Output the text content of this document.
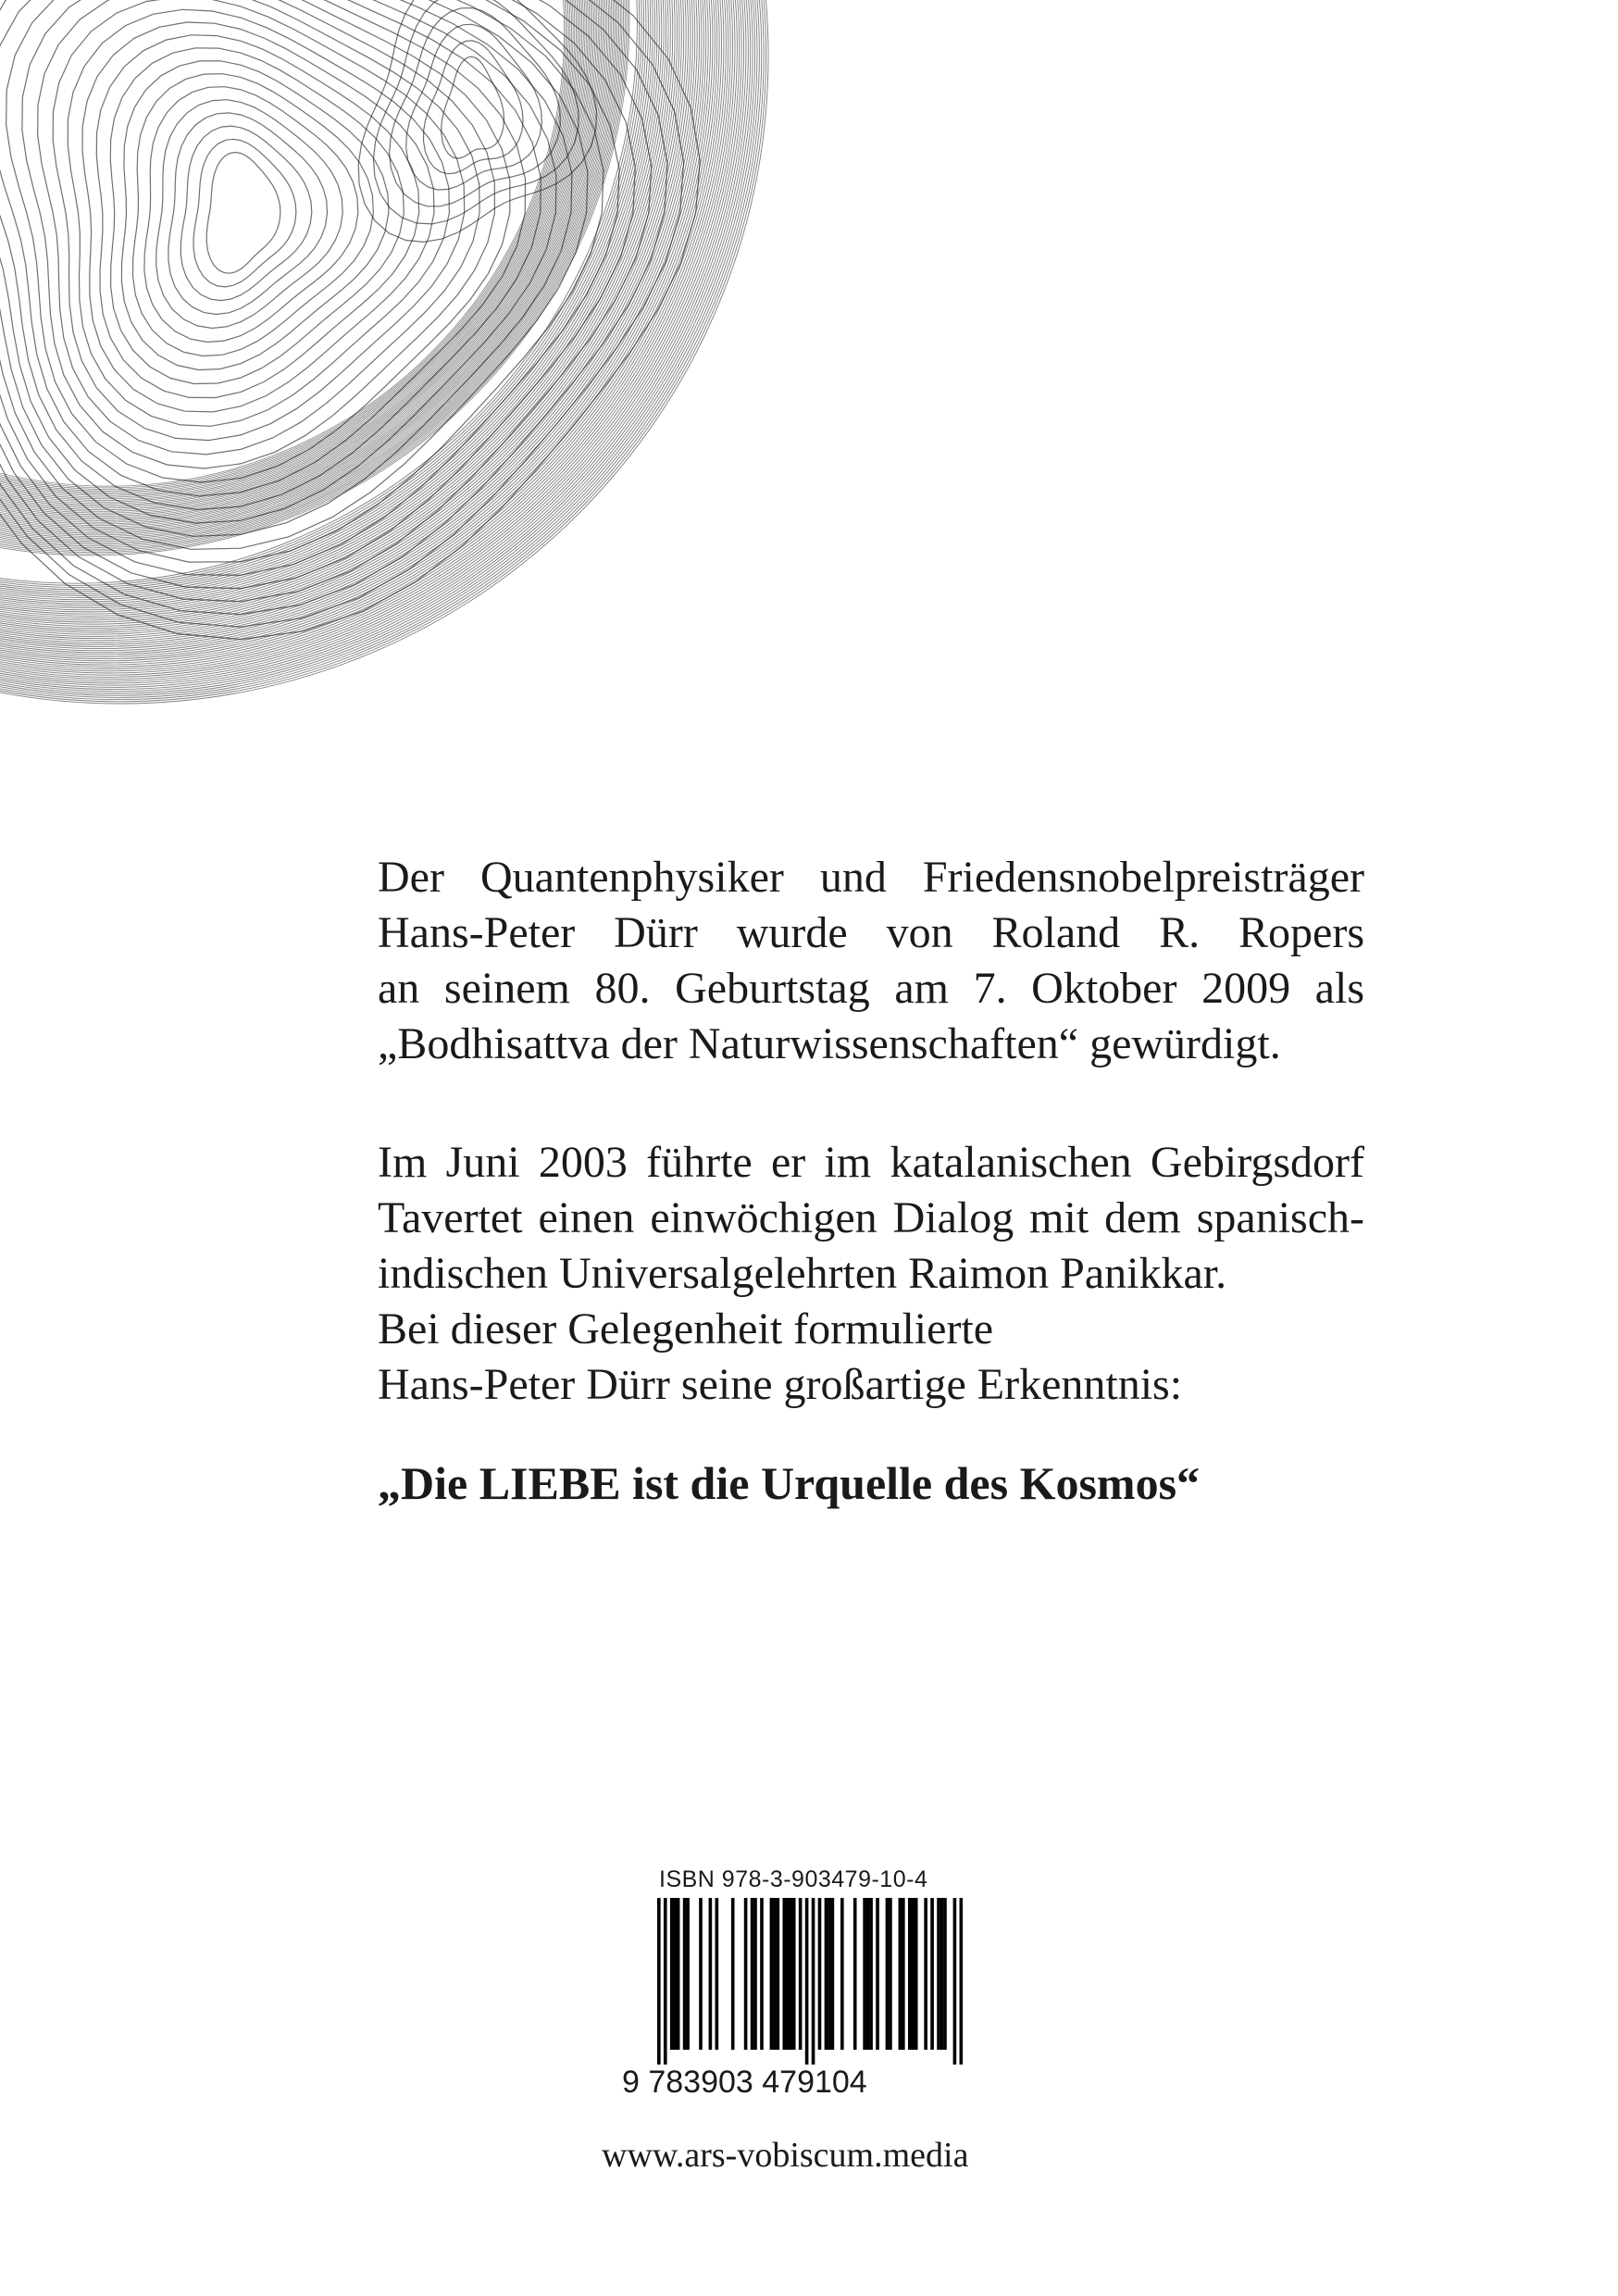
Der Quantenphysiker und Friedensnobelpreisträger
Hans-Peter Dürr wurde von Roland R. Ropers
an seinem 80. Geburtstag am 7. Oktober 2009 als
„Bodhisattva der Naturwissenschaften“ gewürdigt.
Im Juni 2003 führte er im katalanischen Gebirgsdorf
Tavertet einen einwöchigen Dialog mit dem spanisch-
indischen Universalgelehrten Raimon Panikkar.
Bei dieser Gelegenheit formulierte
Hans-Peter Dürr seine großartige Erkenntnis:
„Die LIEBE ist die Urquelle des Kosmos“
ISBN 978-3-903479-10-4
9 783903 479104
www.ars-vobiscum.media
